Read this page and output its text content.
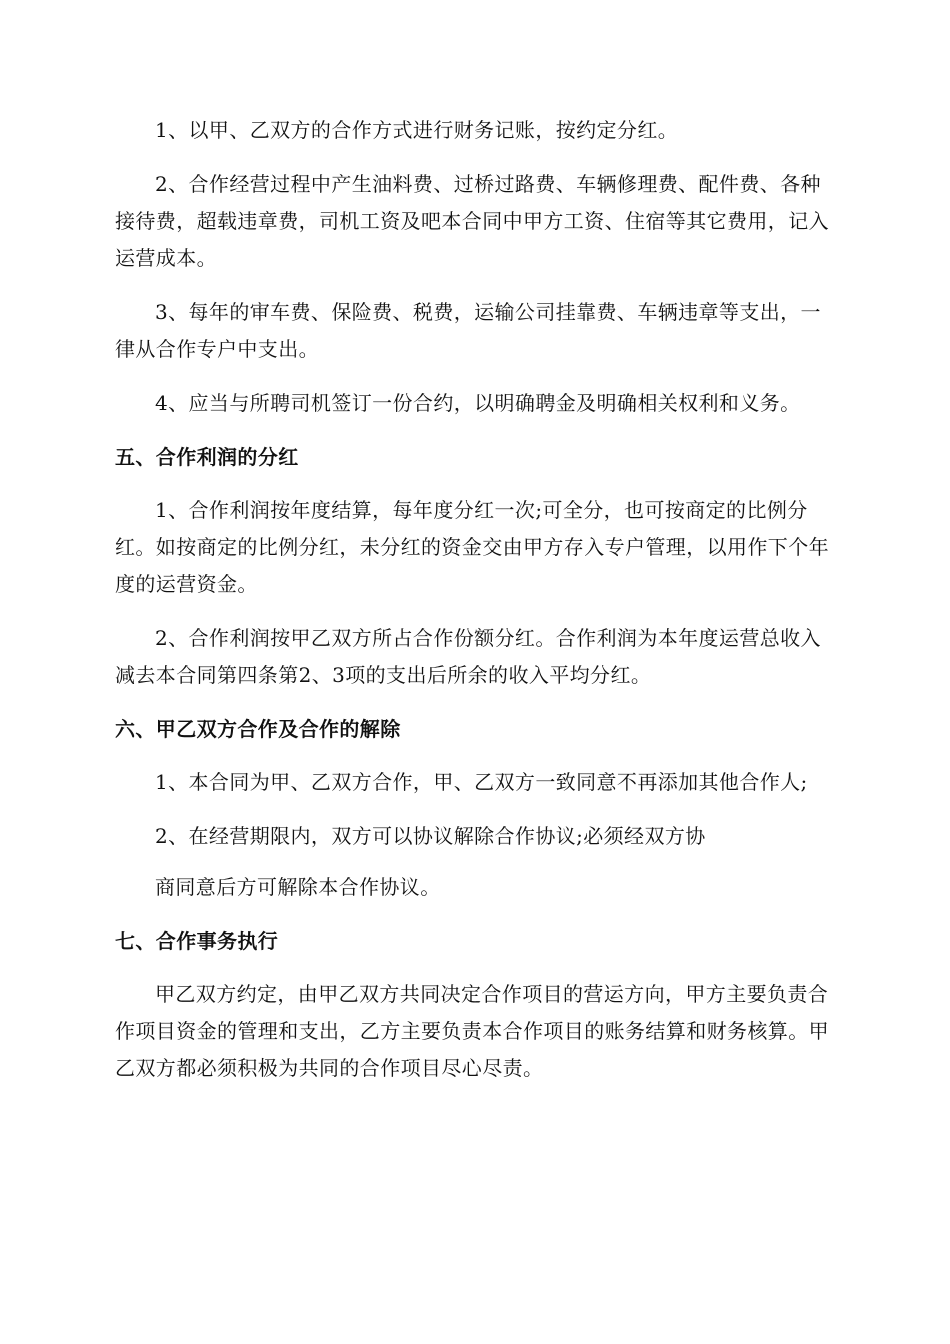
1、以甲、乙双方的合作方式进行财务记账，按约定分红。

2、合作经营过程中产生油料费、过桥过路费、车辆修理费、配件费、各种接待费，超载违章费，司机工资及吧本合同中甲方工资、住宿等其它费用，记入运营成本。

3、每年的审车费、保险费、税费，运输公司挂靠费、车辆违章等支出，一律从合作专户中支出。

4、应当与所聘司机签订一份合约，以明确聘金及明确相关权利和义务。

五、合作利润的分红

1、合作利润按年度结算，每年度分红一次;可全分，也可按商定的比例分红。如按商定的比例分红，未分红的资金交由甲方存入专户管理，以用作下个年度的运营资金。

2、合作利润按甲乙双方所占合作份额分红。合作利润为本年度运营总收入减去本合同第四条第2、3项的支出后所余的收入平均分红。

六、甲乙双方合作及合作的解除

1、本合同为甲、乙双方合作，甲、乙双方一致同意不再添加其他合作人;

2、在经营期限内，双方可以协议解除合作协议;必须经双方协

商同意后方可解除本合作协议。

七、合作事务执行

甲乙双方约定，由甲乙双方共同决定合作项目的营运方向，甲方主要负责合作项目资金的管理和支出，乙方主要负责本合作项目的账务结算和财务核算。甲乙双方都必须积极为共同的合作项目尽心尽责。
